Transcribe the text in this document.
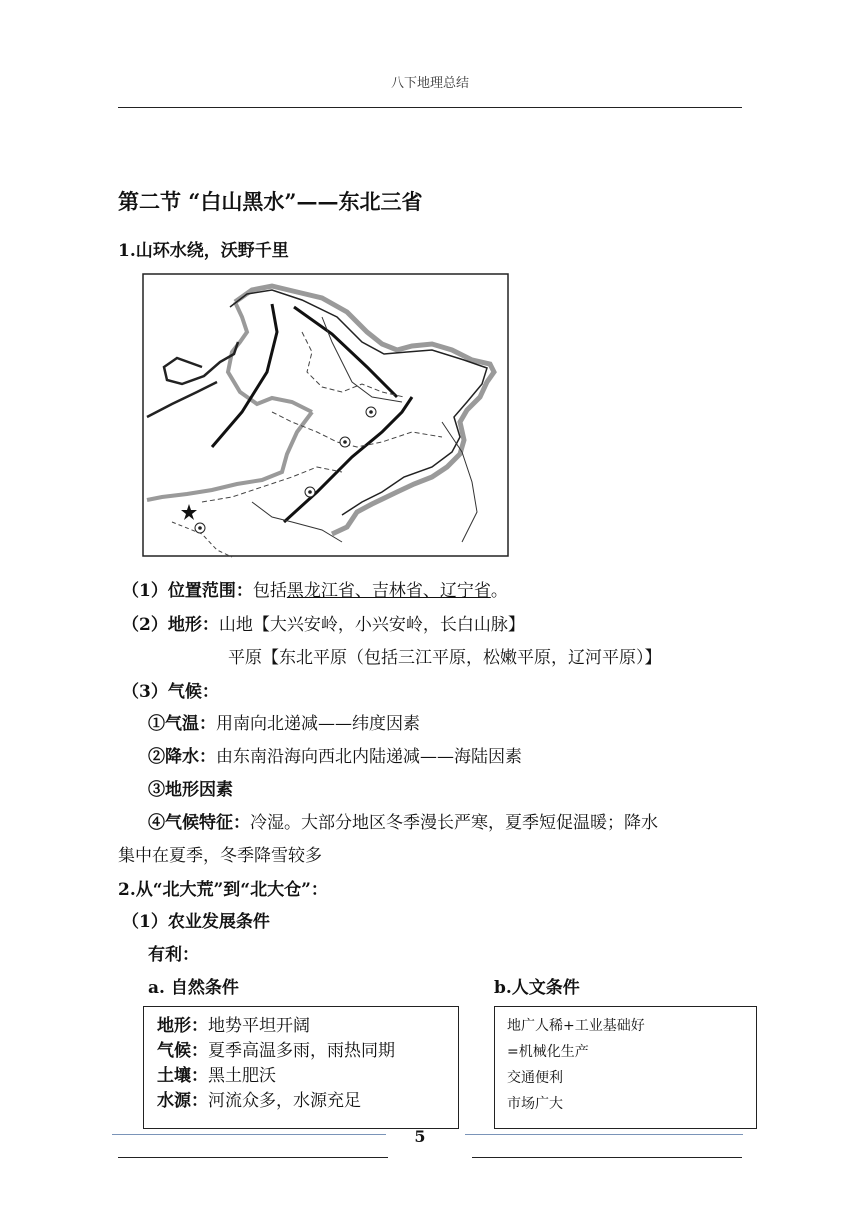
八下地理总结
第二节 “白山黑水”——东北三省
1.山环水绕，沃野千里
（1）位置范围：包括黑龙江省、吉林省、辽宁省。
（2）地形：山地【大兴安岭，小兴安岭，长白山脉】
平原【东北平原（包括三江平原，松嫩平原，辽河平原）】
（3）气候：
①气温：用南向北递减——纬度因素
②降水：由东南沿海向西北内陆递减——海陆因素
③地形因素
④气候特征：冷湿。大部分地区冬季漫长严寒，夏季短促温暖；降水
集中在夏季，冬季降雪较多
2.从“北大荒”到“北大仓”：
（1）农业发展条件
有利：
a. 自然条件	b.人文条件
地形：地势平坦开阔
气候：夏季高温多雨，雨热同期
土壤：黑土肥沃
水源：河流众多，水源充足
地广人稀+工业基础好
=机械化生产
交通便利
市场广大
5
